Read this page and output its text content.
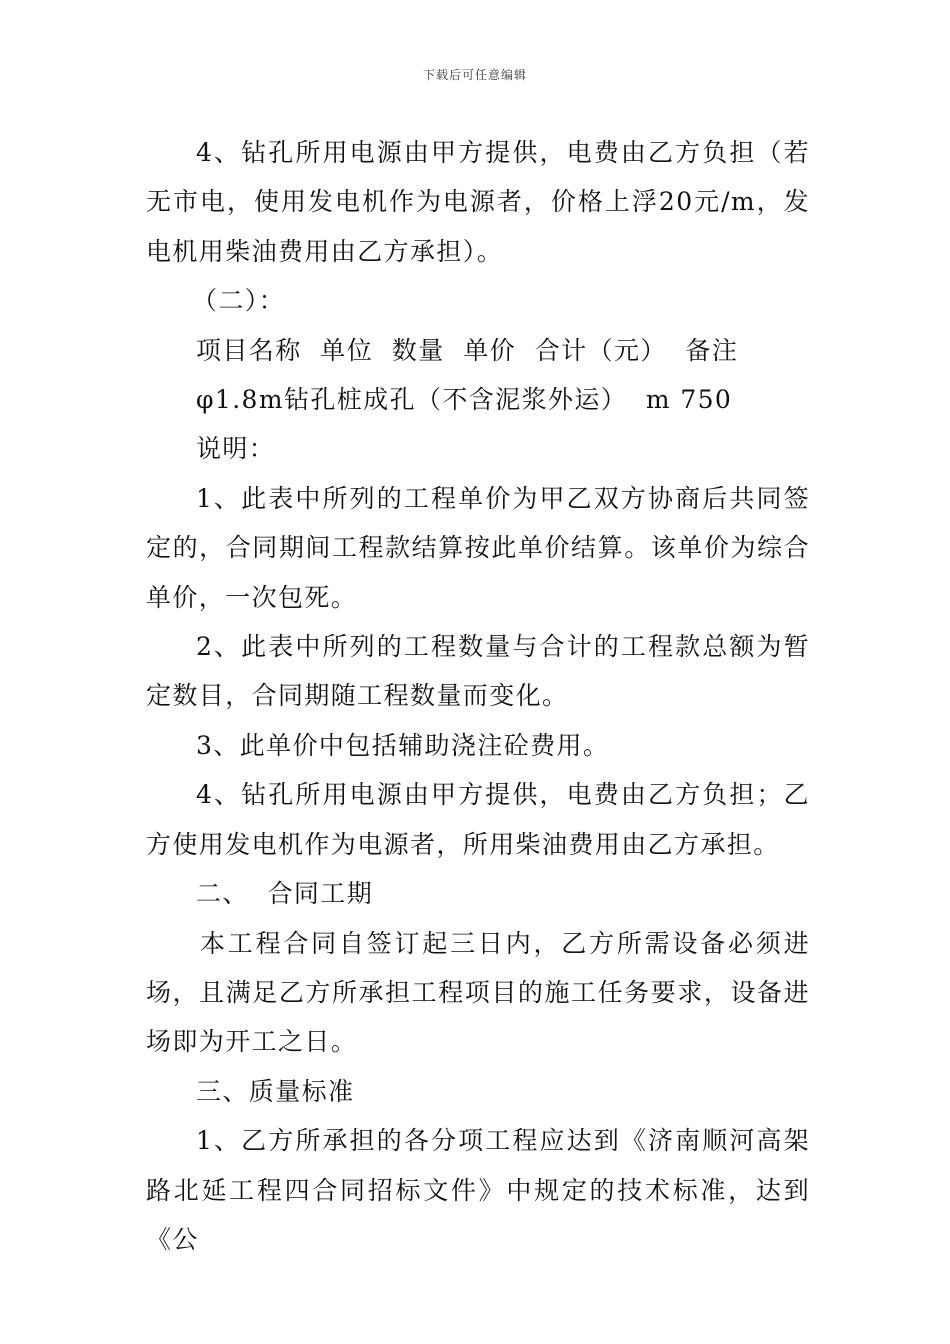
下载后可任意编辑

4、钻孔所用电源由甲方提供，电费由乙方负担（若无市电，使用发电机作为电源者，价格上浮20元/m，发电机用柴油费用由乙方承担）。

（二）：

项目名称  单位  数量  单价  合计（元）  备注

φ1.8m钻孔桩成孔（不含泥浆外运）  m 750

说明：

1、此表中所列的工程单价为甲乙双方协商后共同签定的，合同期间工程款结算按此单价结算。该单价为综合单价，一次包死。

2、此表中所列的工程数量与合计的工程款总额为暂定数目，合同期随工程数量而变化。

3、此单价中包括辅助浇注砼费用。

4、钻孔所用电源由甲方提供，电费由乙方负担；乙方使用发电机作为电源者，所用柴油费用由乙方承担。

二、  合同工期

本工程合同自签订起三日内，乙方所需设备必须进场，且满足乙方所承担工程项目的施工任务要求，设备进场即为开工之日。

三、质量标准

1、乙方所承担的各分项工程应达到《济南顺河高架路北延工程四合同招标文件》中规定的技术标准，达到《公
